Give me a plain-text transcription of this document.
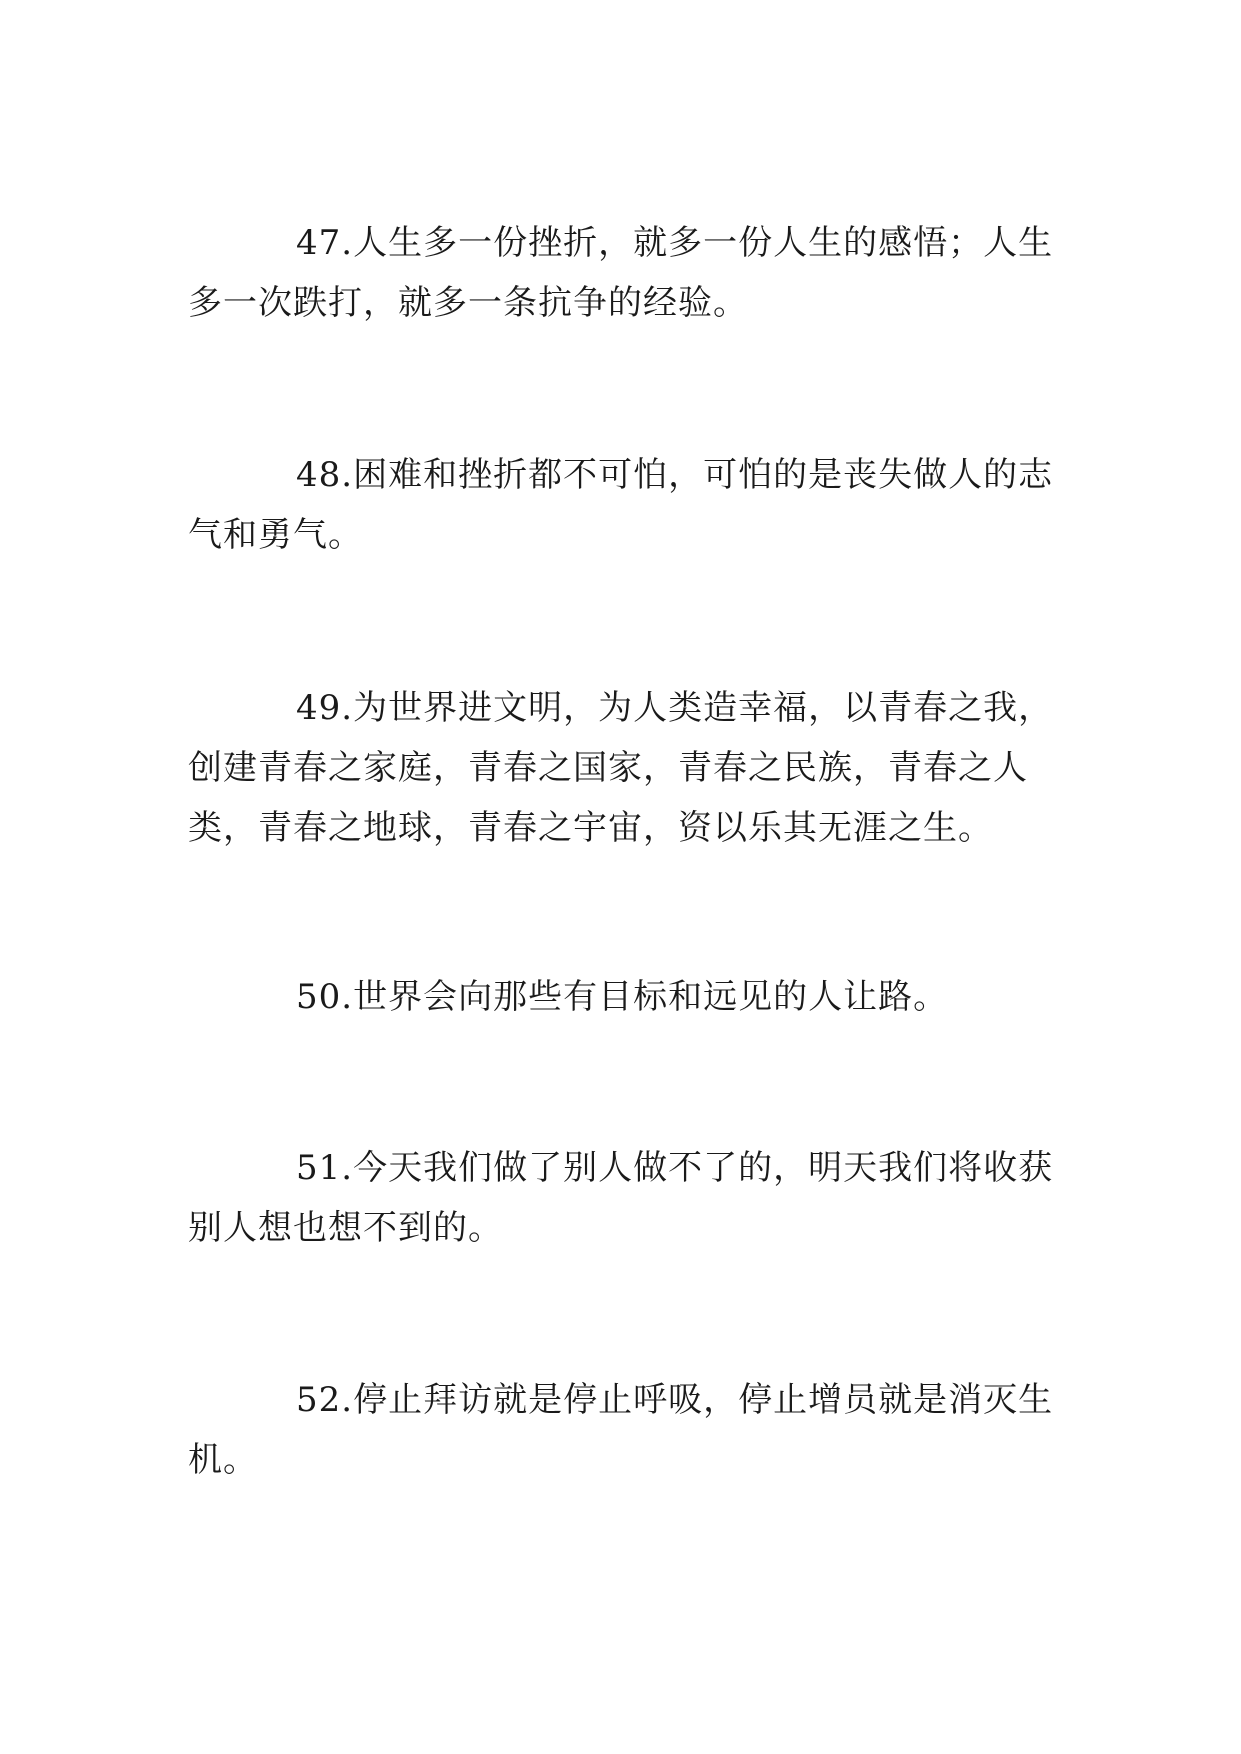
47.人生多一份挫折，就多一份人生的感悟；人生多一次跌打，就多一条抗争的经验。

48.困难和挫折都不可怕，可怕的是丧失做人的志气和勇气。

49.为世界进文明，为人类造幸福，以青春之我，创建青春之家庭，青春之国家，青春之民族，青春之人类，青春之地球，青春之宇宙，资以乐其无涯之生。

50.世界会向那些有目标和远见的人让路。

51.今天我们做了别人做不了的，明天我们将收获别人想也想不到的。

52.停止拜访就是停止呼吸，停止增员就是消灭生机。
